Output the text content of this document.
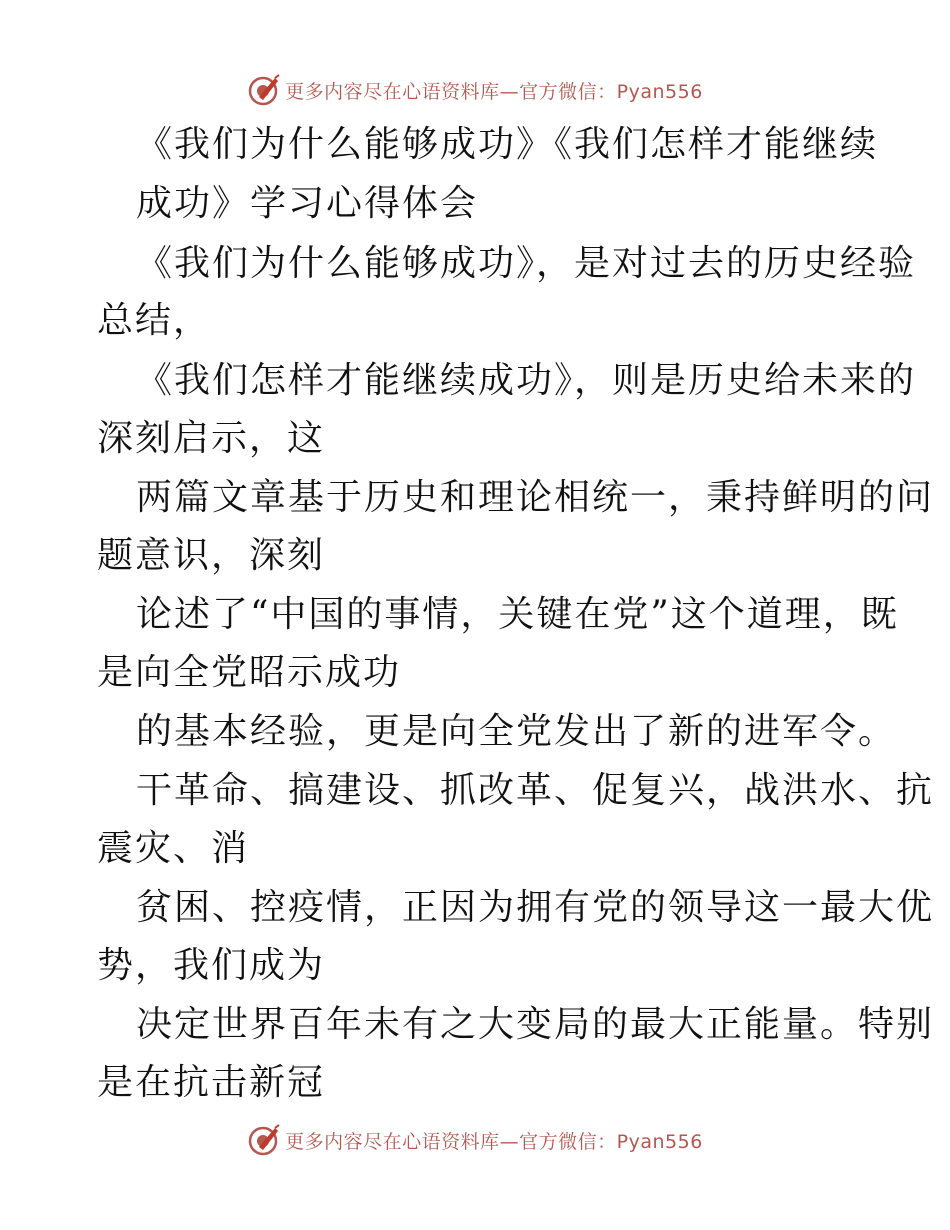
更多内容尽在心语资料库—官方微信：Pyan556
《我们为什么能够成功》《我们怎样才能继续
成功》学习心得体会
《我们为什么能够成功》，是对过去的历史经验
总结，
《我们怎样才能继续成功》，则是历史给未来的
深刻启示，这
两篇文章基于历史和理论相统一，秉持鲜明的问
题意识，深刻
论述了“中国的事情，关键在党”这个道理，既
是向全党昭示成功
的基本经验，更是向全党发出了新的进军令。
干革命、搞建设、抓改革、促复兴，战洪水、抗
震灾、消
贫困、控疫情，正因为拥有党的领导这一最大优
势，我们成为
决定世界百年未有之大变局的最大正能量。特别
是在抗击新冠
更多内容尽在心语资料库—官方微信：Pyan556
